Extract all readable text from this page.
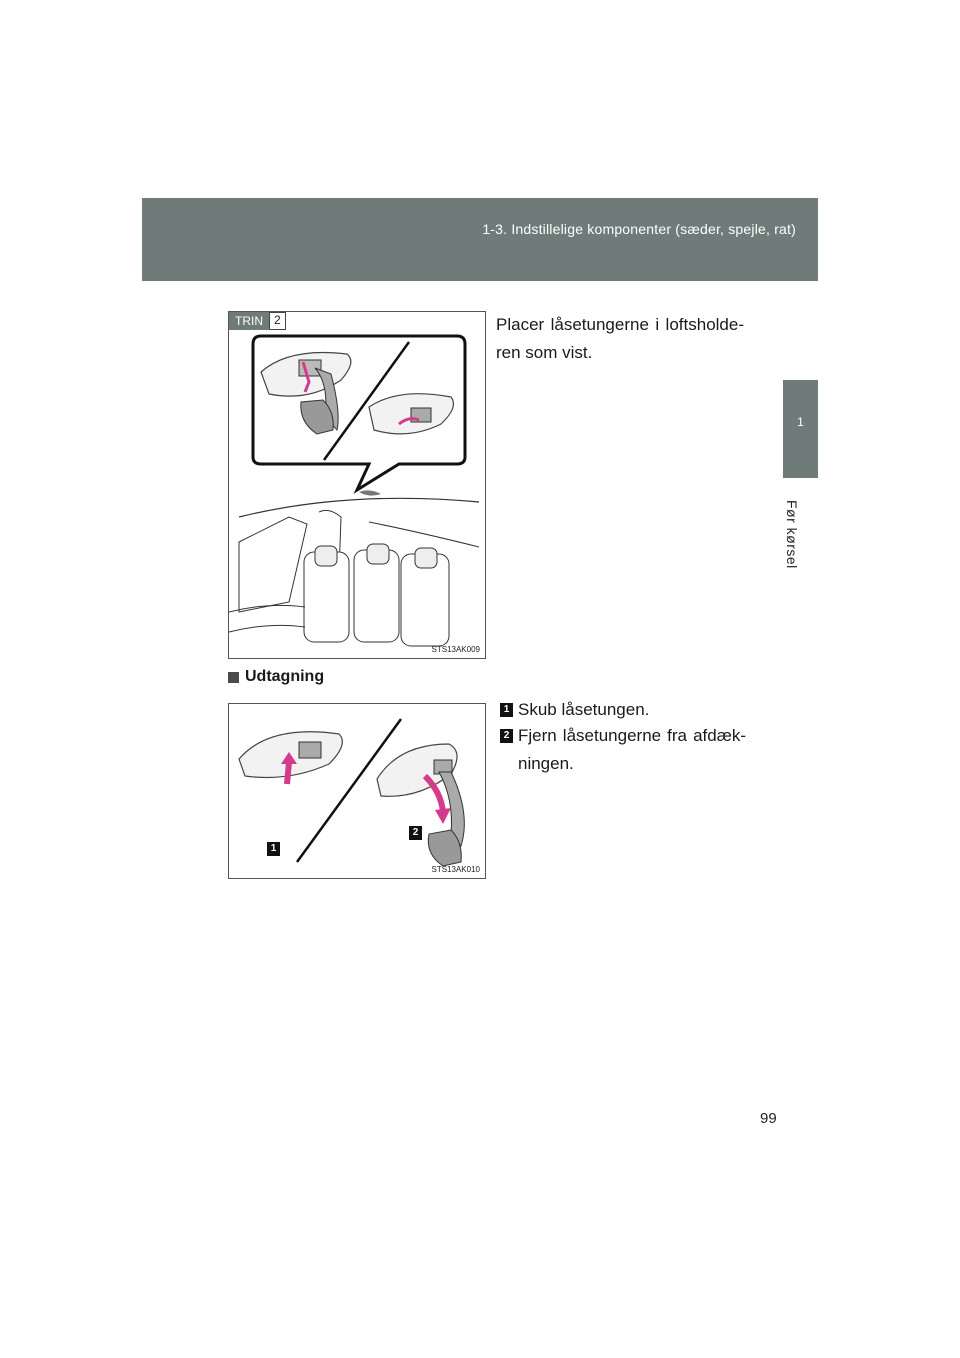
1-3. Indstillelige komponenter (sæder, spejle, rat)
1
Før kørsel
TRIN 2
STS13AK009
Placer låsetungerne i loftsholde-ren som vist.
Udtagning
1
2
STS13AK010
1 Skub låsetungen.
2 Fjern låsetungerne fra afdæk-ningen.
99
